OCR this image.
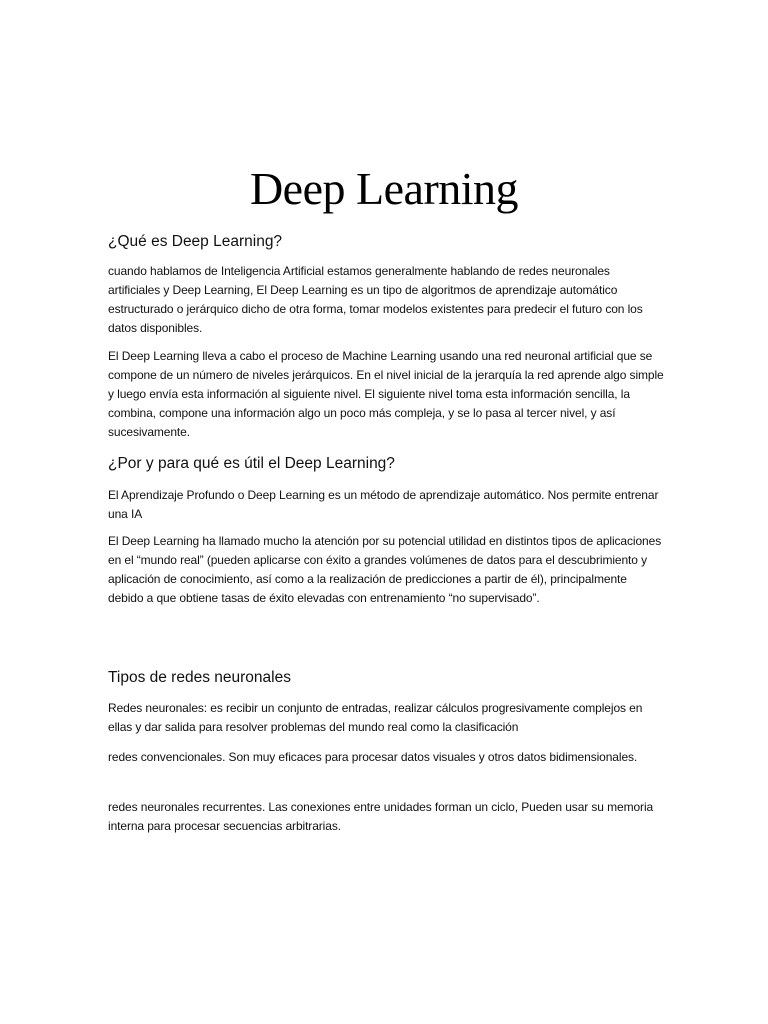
Deep Learning
¿Qué es Deep Learning?

cuando hablamos de Inteligencia Artificial estamos generalmente hablando de redes neuronales artificiales y Deep Learning, El Deep Learning es un tipo de algoritmos de aprendizaje automático estructurado o jerárquico dicho de otra forma, tomar modelos existentes para predecir el futuro con los datos disponibles.

El Deep Learning lleva a cabo el proceso de Machine Learning usando una red neuronal artificial que se compone de un número de niveles jerárquicos. En el nivel inicial de la jerarquía la red aprende algo simple y luego envía esta información al siguiente nivel. El siguiente nivel toma esta información sencilla, la combina, compone una información algo un poco más compleja, y se lo pasa al tercer nivel, y así sucesivamente.

¿Por y para qué es útil el Deep Learning?

El Aprendizaje Profundo o Deep Learning es un método de aprendizaje automático. Nos permite entrenar una IA

El Deep Learning ha llamado mucho la atención por su potencial utilidad en distintos tipos de aplicaciones en el “mundo real” (pueden aplicarse con éxito a grandes volúmenes de datos para el descubrimiento y aplicación de conocimiento, así como a la realización de predicciones a partir de él), principalmente debido a que obtiene tasas de éxito elevadas con entrenamiento “no supervisado”.

Tipos de redes neuronales

Redes neuronales: es recibir un conjunto de entradas, realizar cálculos progresivamente complejos en ellas y dar salida para resolver problemas del mundo real como la clasificación

redes convencionales. Son muy eficaces para procesar datos visuales y otros datos bidimensionales.

redes neuronales recurrentes. Las conexiones entre unidades forman un ciclo, Pueden usar su memoria interna para procesar secuencias arbitrarias.
